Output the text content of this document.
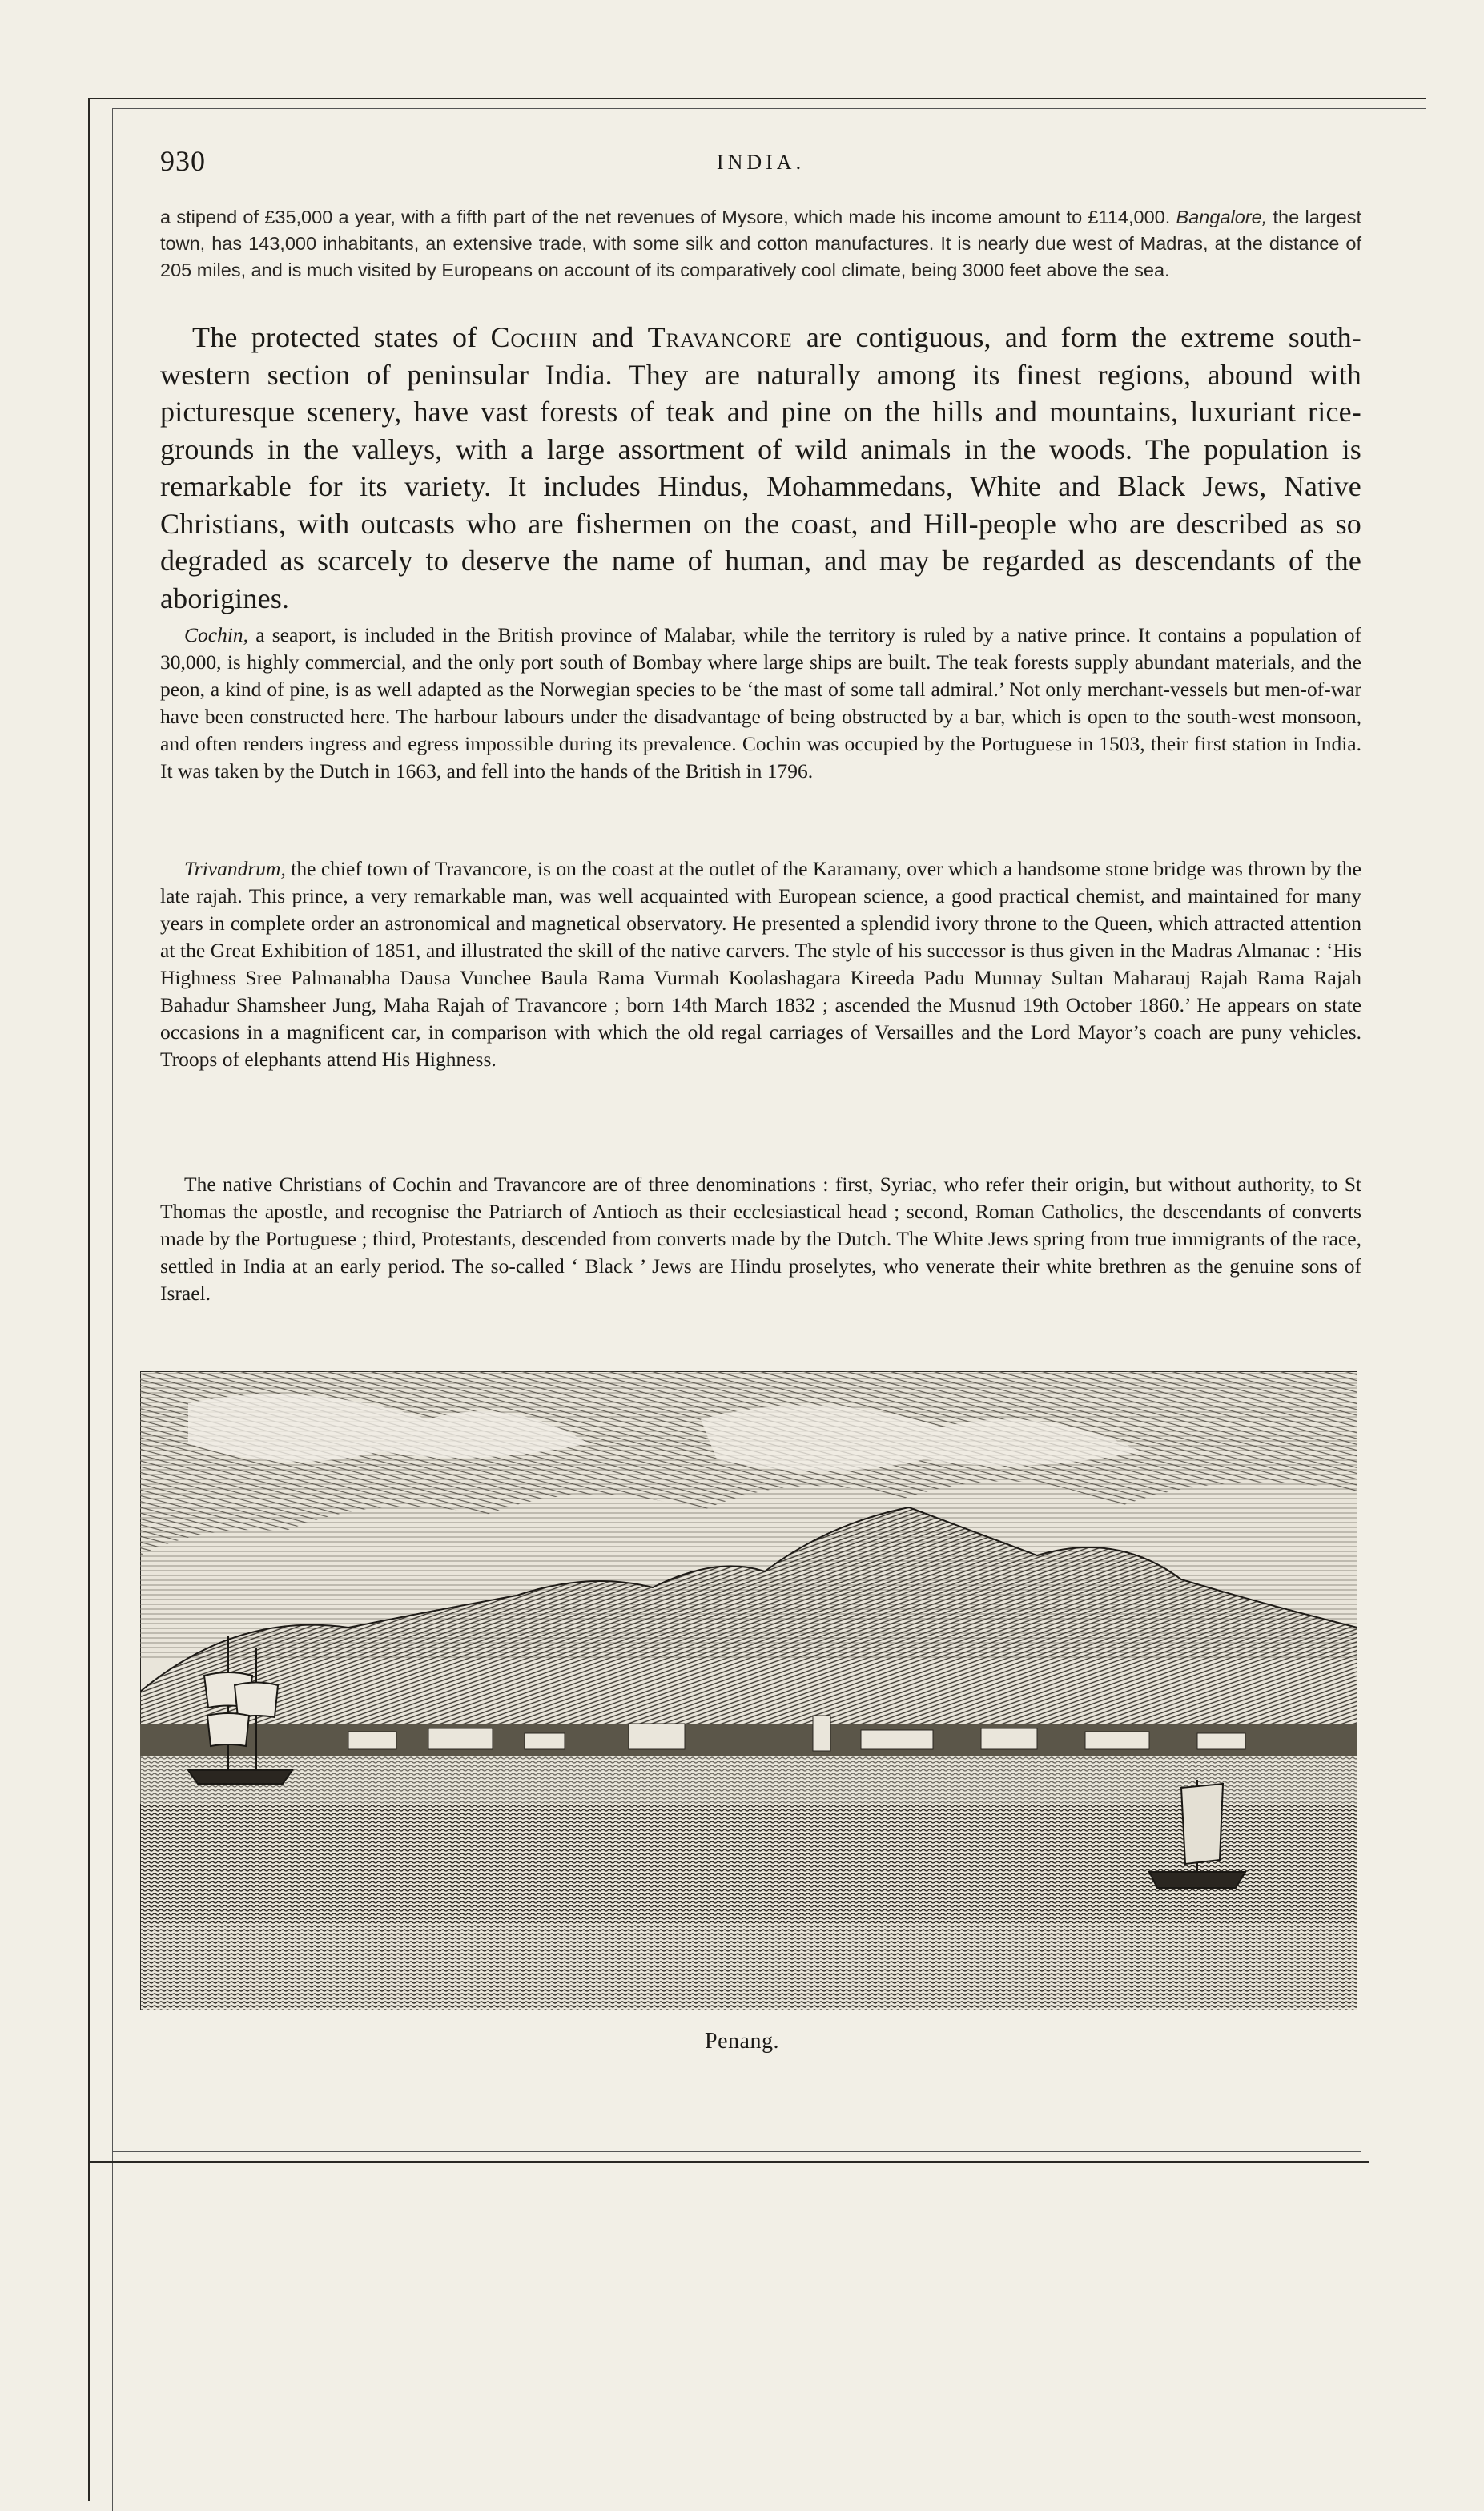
930	INDIA.
a stipend of £35,000 a year, with a fifth part of the net revenues of Mysore, which made his income amount to £114,000. Bangalore, the largest town, has 143,000 inhabitants, an extensive trade, with some silk and cotton manufactures. It is nearly due west of Madras, at the distance of 205 miles, and is much visited by Europeans on account of its comparatively cool climate, being 3000 feet above the sea.
The protected states of Cochin and Travancore are contiguous, and form the extreme south-western section of peninsular India. They are naturally among its finest regions, abound with picturesque scenery, have vast forests of teak and pine on the hills and mountains, luxuriant rice-grounds in the valleys, with a large assortment of wild animals in the woods. The population is remarkable for its variety. It includes Hindus, Mohammedans, White and Black Jews, Native Christians, with outcasts who are fishermen on the coast, and Hill-people who are described as so degraded as scarcely to deserve the name of human, and may be regarded as descendants of the aborigines.
Cochin, a seaport, is included in the British province of Malabar, while the territory is ruled by a native prince. It contains a population of 30,000, is highly commercial, and the only port south of Bombay where large ships are built. The teak forests supply abundant materials, and the peon, a kind of pine, is as well adapted as the Norwegian species to be ‘the mast of some tall admiral.’ Not only merchant-vessels but men-of-war have been constructed here. The harbour labours under the disadvantage of being obstructed by a bar, which is open to the south-west monsoon, and often renders ingress and egress impossible during its prevalence. Cochin was occupied by the Portuguese in 1503, their first station in India. It was taken by the Dutch in 1663, and fell into the hands of the British in 1796.
Trivandrum, the chief town of Travancore, is on the coast at the outlet of the Karamany, over which a handsome stone bridge was thrown by the late rajah. This prince, a very remarkable man, was well acquainted with European science, a good practical chemist, and maintained for many years in complete order an astronomical and magnetical observatory. He presented a splendid ivory throne to the Queen, which attracted attention at the Great Exhibition of 1851, and illustrated the skill of the native carvers. The style of his successor is thus given in the Madras Almanac : ‘His Highness Sree Palmanabha Dausa Vunchee Baula Rama Vurmah Koolashagara Kireeda Padu Munnay Sultan Maharauj Rajah Rama Rajah Bahadur Shamsheer Jung, Maha Rajah of Travancore ; born 14th March 1832 ; ascended the Musnud 19th October 1860.’ He appears on state occasions in a magnificent car, in comparison with which the old regal carriages of Versailles and the Lord Mayor’s coach are puny vehicles. Troops of elephants attend His Highness.
The native Christians of Cochin and Travancore are of three denominations : first, Syriac, who refer their origin, but without authority, to St Thomas the apostle, and recognise the Patriarch of Antioch as their ecclesiastical head ; second, Roman Catholics, the descendants of converts made by the Portuguese ; third, Protestants, descended from converts made by the Dutch. The White Jews spring from true immigrants of the race, settled in India at an early period. The so-called ‘ Black ’ Jews are Hindu proselytes, who venerate their white brethren as the genuine sons of Israel.
Penang.
